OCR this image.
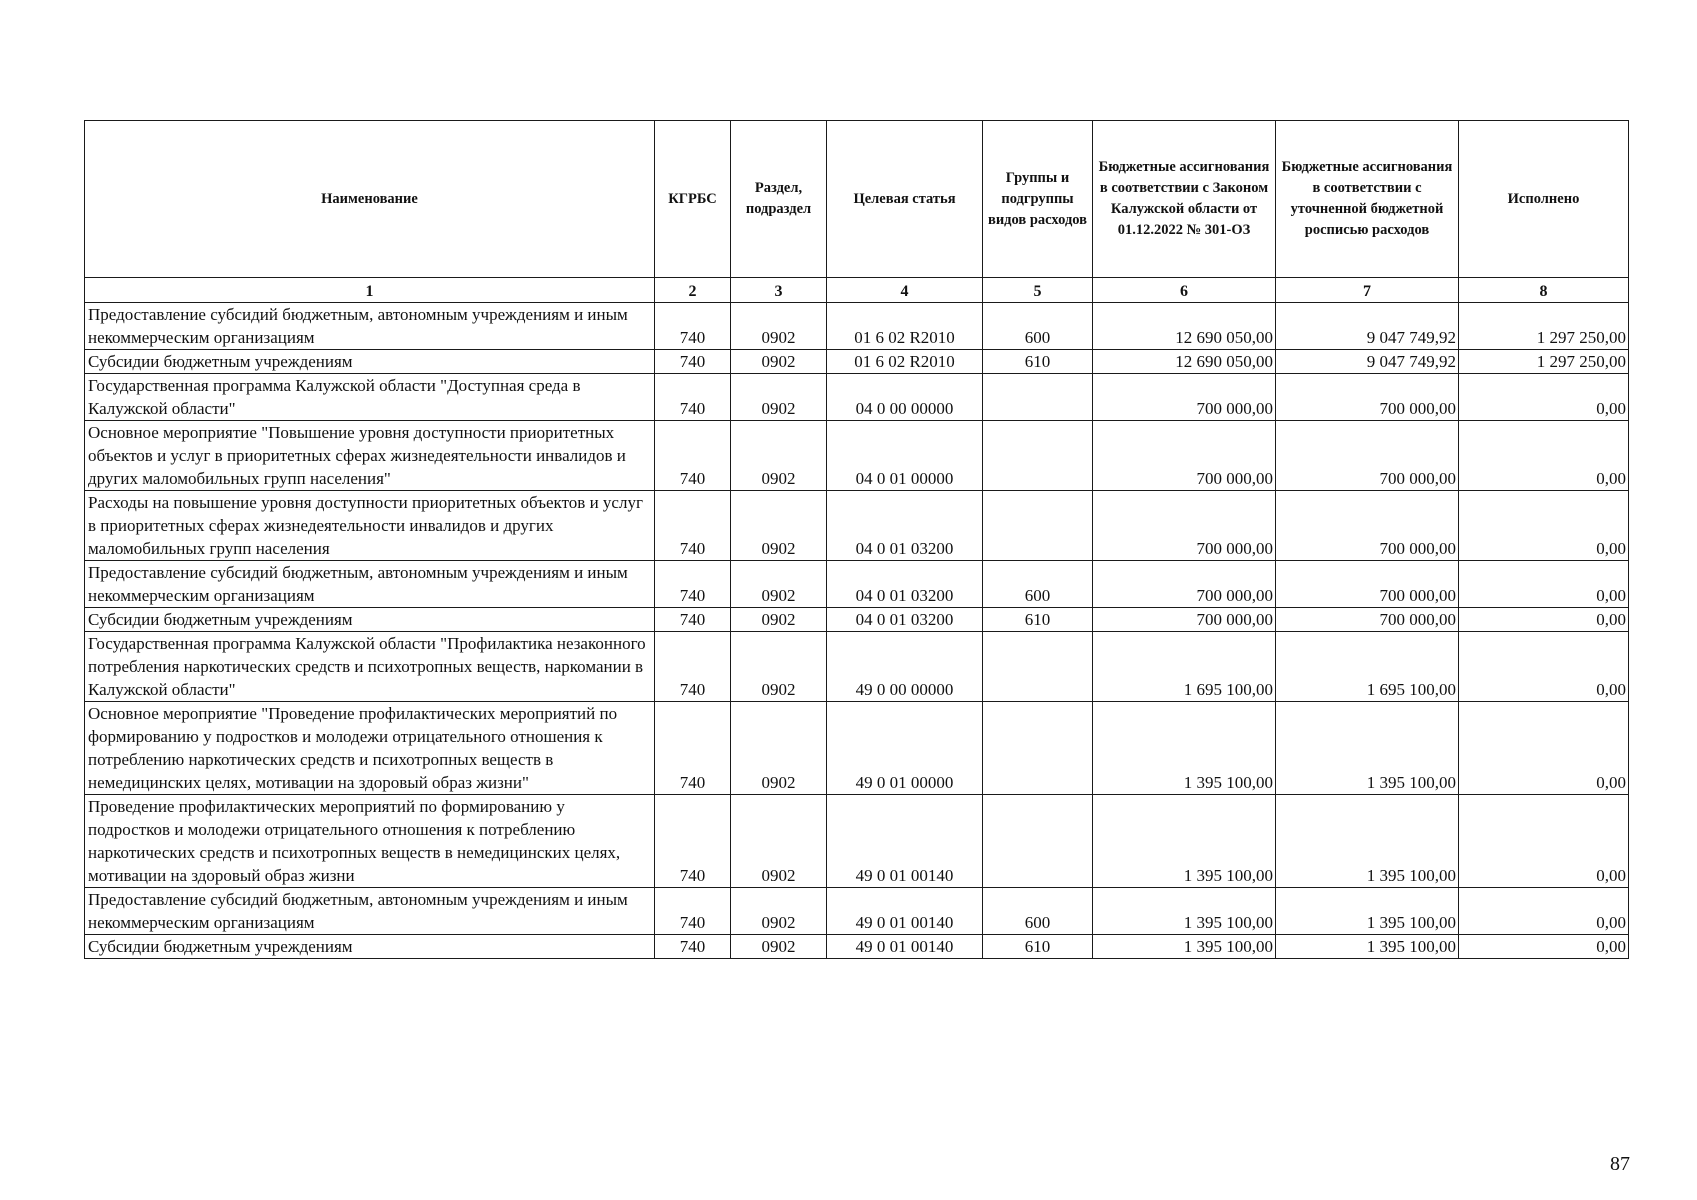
Наименование	КГРБС	Раздел, подраздел	Целевая статья	Группы и подгруппы видов расходов	Бюджетные ассигнования в соответствии с Законом Калужской области от 01.12.2022 № 301-ОЗ	Бюджетные ассигнования в соответствии с уточненной бюджетной росписью расходов	Исполнено
1	2	3	4	5	6	7	8
Предоставление субсидий бюджетным, автономным учреждениям и иным некоммерческим организациям	740	0902	01 6 02 R2010	600	12 690 050,00	9 047 749,92	1 297 250,00
Субсидии бюджетным учреждениям	740	0902	01 6 02 R2010	610	12 690 050,00	9 047 749,92	1 297 250,00
Государственная программа Калужской области "Доступная среда в Калужской области"	740	0902	04 0 00 00000		700 000,00	700 000,00	0,00
Основное мероприятие "Повышение уровня доступности приоритетных объектов и услуг в приоритетных сферах жизнедеятельности инвалидов и других маломобильных групп населения"	740	0902	04 0 01 00000		700 000,00	700 000,00	0,00
Расходы на повышение уровня доступности приоритетных объектов и услуг в приоритетных сферах жизнедеятельности инвалидов и других маломобильных групп населения	740	0902	04 0 01 03200		700 000,00	700 000,00	0,00
Предоставление субсидий бюджетным, автономным учреждениям и иным некоммерческим организациям	740	0902	04 0 01 03200	600	700 000,00	700 000,00	0,00
Субсидии бюджетным учреждениям	740	0902	04 0 01 03200	610	700 000,00	700 000,00	0,00
Государственная программа Калужской области "Профилактика незаконного потребления наркотических средств и психотропных веществ, наркомании в Калужской области"	740	0902	49 0 00 00000		1 695 100,00	1 695 100,00	0,00
Основное мероприятие "Проведение профилактических мероприятий по формированию у подростков и молодежи отрицательного отношения к потреблению наркотических средств и психотропных веществ в немедицинских целях, мотивации на здоровый образ жизни"	740	0902	49 0 01 00000		1 395 100,00	1 395 100,00	0,00
Проведение профилактических мероприятий по формированию у подростков и молодежи отрицательного отношения к потреблению наркотических средств и психотропных веществ в немедицинских целях, мотивации на здоровый образ жизни	740	0902	49 0 01 00140		1 395 100,00	1 395 100,00	0,00
Предоставление субсидий бюджетным, автономным учреждениям и иным некоммерческим организациям	740	0902	49 0 01 00140	600	1 395 100,00	1 395 100,00	0,00
Субсидии бюджетным учреждениям	740	0902	49 0 01 00140	610	1 395 100,00	1 395 100,00	0,00
87
